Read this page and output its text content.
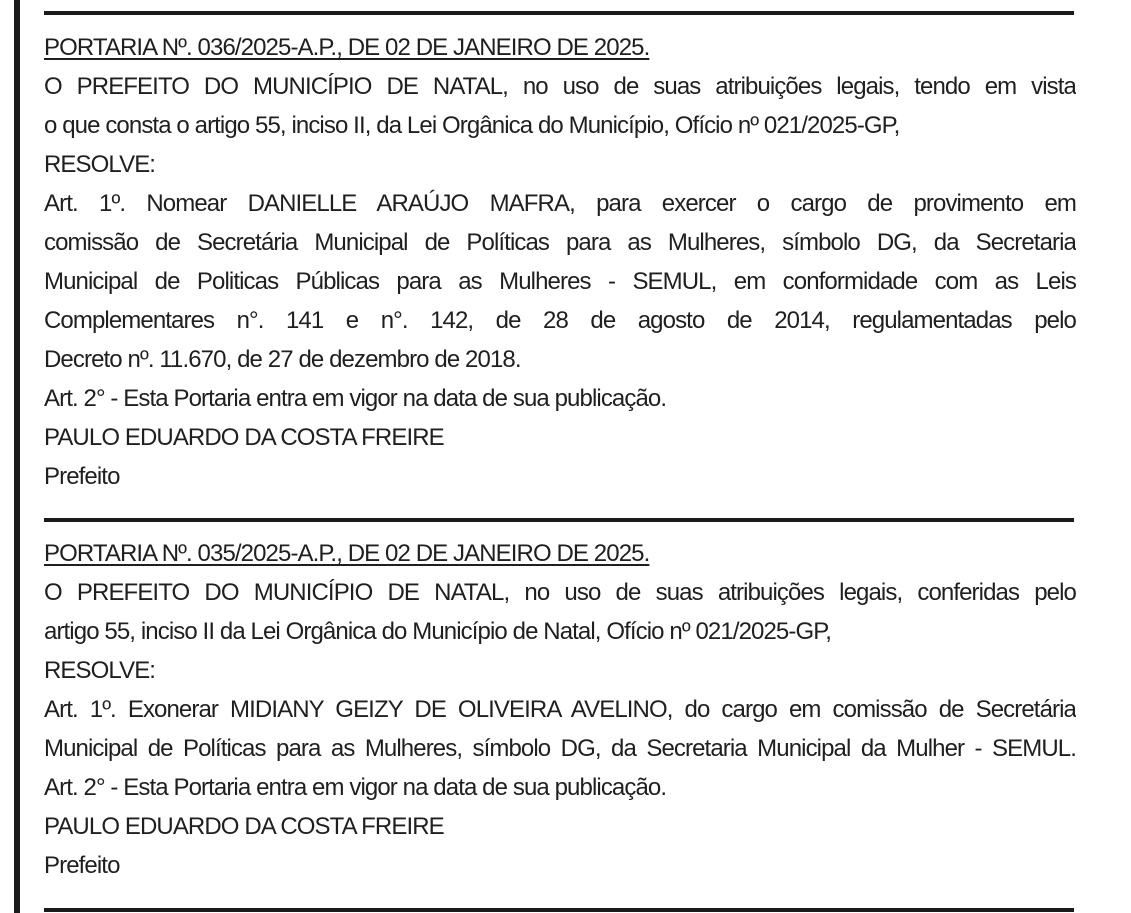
PORTARIA Nº. 036/2025-A.P., DE 02 DE JANEIRO DE 2025.
O PREFEITO DO MUNICÍPIO DE NATAL, no uso de suas atribuições legais, tendo em vista
o que consta o artigo 55, inciso II, da Lei Orgânica do Município, Ofício nº 021/2025-GP,
RESOLVE:
Art. 1º. Nomear DANIELLE ARAÚJO MAFRA, para exercer o cargo de provimento em
comissão de Secretária Municipal de Políticas para as Mulheres, símbolo DG, da Secretaria
Municipal de Politicas Públicas para as Mulheres - SEMUL, em conformidade com as Leis
Complementares n°. 141 e n°. 142, de 28 de agosto de 2014, regulamentadas pelo
Decreto nº. 11.670, de 27 de dezembro de 2018.
Art. 2° - Esta Portaria entra em vigor na data de sua publicação.
PAULO EDUARDO DA COSTA FREIRE
Prefeito
PORTARIA Nº. 035/2025-A.P., DE 02 DE JANEIRO DE 2025.
O PREFEITO DO MUNICÍPIO DE NATAL, no uso de suas atribuições legais, conferidas pelo
artigo 55, inciso II da Lei Orgânica do Município de Natal, Ofício nº 021/2025-GP,
RESOLVE:
Art. 1º. Exonerar MIDIANY GEIZY DE OLIVEIRA AVELINO, do cargo em comissão de Secretária
Municipal de Políticas para as Mulheres, símbolo DG, da Secretaria Municipal da Mulher - SEMUL.
Art. 2° - Esta Portaria entra em vigor na data de sua publicação.
PAULO EDUARDO DA COSTA FREIRE
Prefeito
